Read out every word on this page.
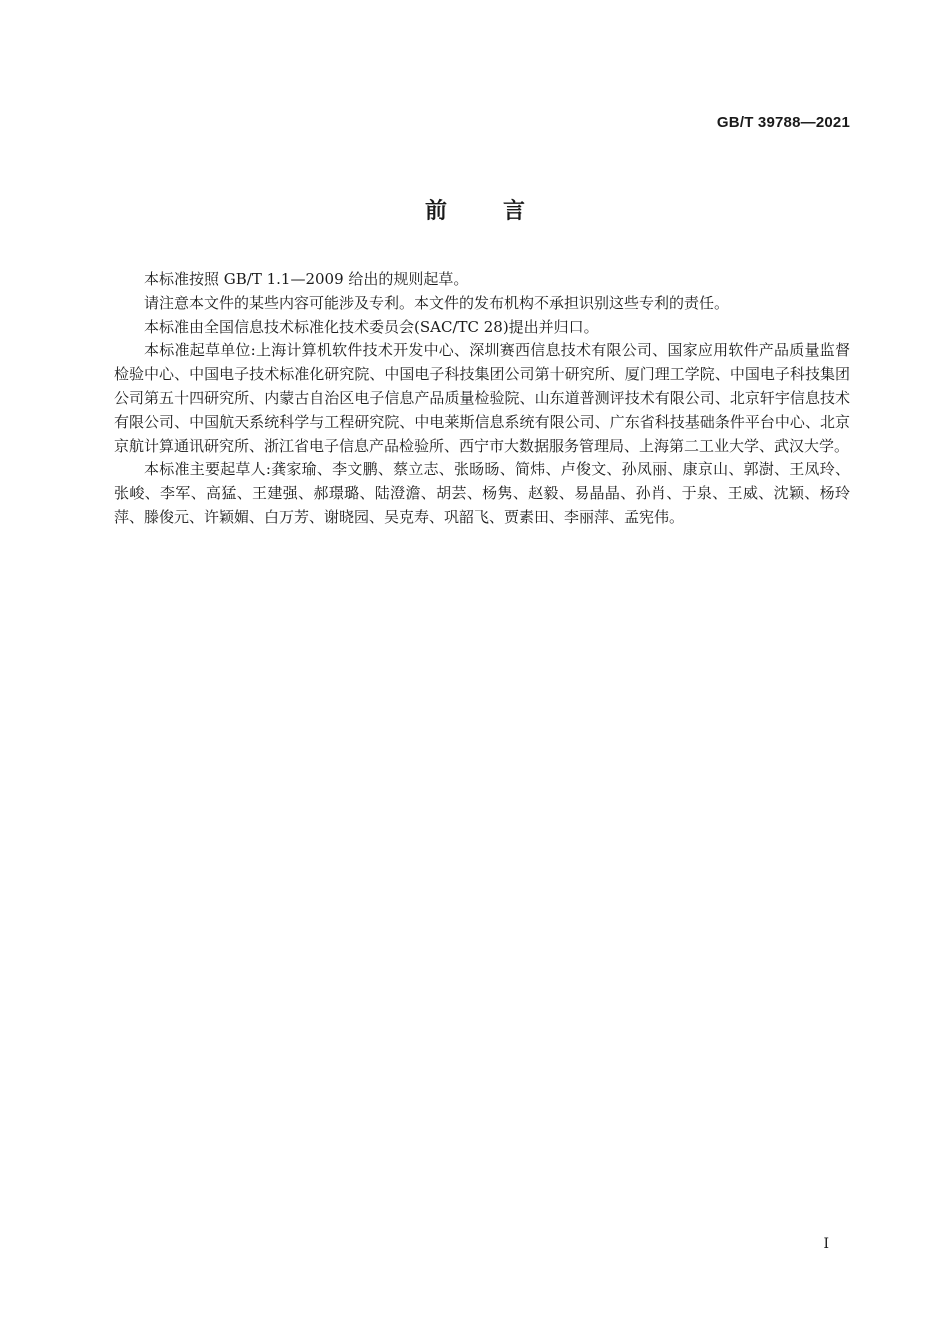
GB/T 39788—2021
前言

本标准按照 GB/T 1.1—2009 给出的规则起草。

请注意本文件的某些内容可能涉及专利。本文件的发布机构不承担识别这些专利的责任。

本标准由全国信息技术标准化技术委员会(SAC/TC 28)提出并归口。

本标准起草单位:上海计算机软件技术开发中心、深圳赛西信息技术有限公司、国家应用软件产品质量监督检验中心、中国电子技术标准化研究院、中国电子科技集团公司第十研究所、厦门理工学院、中国电子科技集团公司第五十四研究所、内蒙古自治区电子信息产品质量检验院、山东道普测评技术有限公司、北京轩宇信息技术有限公司、中国航天系统科学与工程研究院、中电莱斯信息系统有限公司、广东省科技基础条件平台中心、北京京航计算通讯研究所、浙江省电子信息产品检验所、西宁市大数据服务管理局、上海第二工业大学、武汉大学。

本标准主要起草人:龚家瑜、李文鹏、蔡立志、张旸旸、简炜、卢俊文、孙凤丽、康京山、郭澍、王凤玲、张峻、李军、高猛、王建强、郝璟璐、陆澄澹、胡芸、杨隽、赵毅、易晶晶、孙肖、于泉、王威、沈颖、杨玲萍、滕俊元、许颖媚、白万芳、谢晓园、吴克寿、巩韶飞、贾素田、李丽萍、孟宪伟。

I
